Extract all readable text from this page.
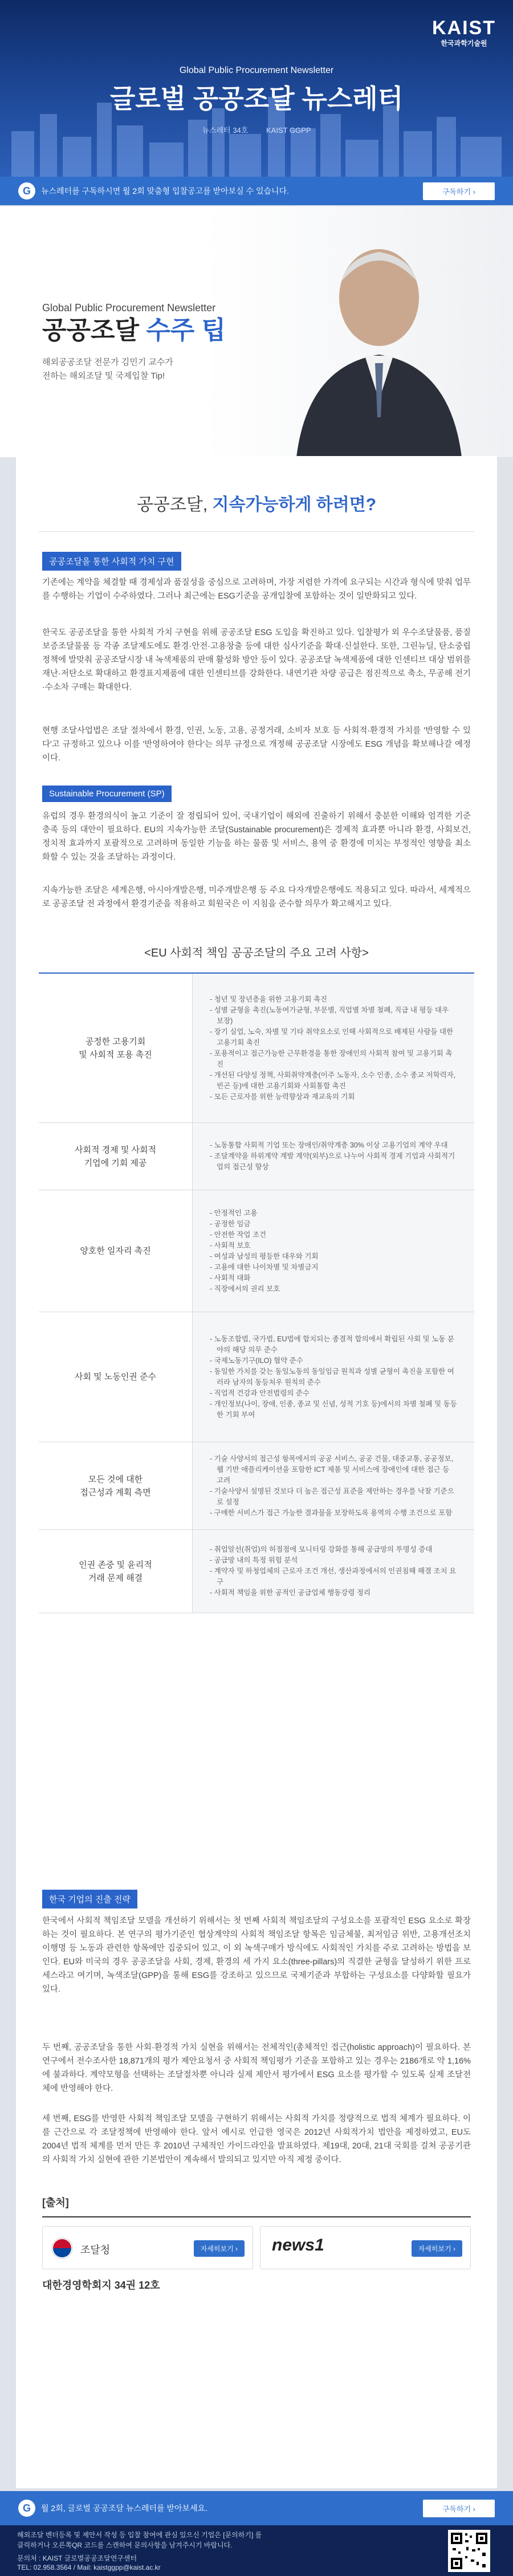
KAIST
한국과학기술원
Global Public Procurement Newsletter
글로벌 공공조달 뉴스레터
뉴스레터 34호 KAIST GGPP
G	뉴스레터를 구독하시면 월 2회 맞춤형 입찰공고를 받아보실 수 있습니다.	구독하기 ›
Global Public Procurement Newsletter
공공조달 수주 팁
해외공공조달 전문가 김민기 교수가
전하는 해외조달 및 국제입찰 Tip!
공공조달, 지속가능하게 하려면?
공공조달을 통한 사회적 가치 구현
기존에는 계약을 체결할 때 경제성과 품질성을 중심으로 고려하며, 가장 저렴한 가격에 요구되는 시간과 형식에 맞춰 업무를 수행하는 기업이 수주하였다. 그러나 최근에는 ESG기준을 공개입찰에 포함하는 것이 일반화되고 있다.
한국도 공공조달을 통한 사회적 가치 구현을 위해 공공조달 ESG 도입을 확진하고 있다. 입찰평가 외 우수조달물품, 품질보증조달물품 등 각종 조달제도에도 환경·안전·고용창출 등에 대한 심사기준을 확대·신설한다. 또한, 그린뉴딜, 탄소중립 정책에 발맞춰 공공조달시장 내 녹색제품의 판매 활성화 방안 등이 있다. 공공조달 녹색제품에 대한 인센티브 대상 범위를 재난·저탄소로 확대하고 환경표지제품에 대한 인센티브를 강화한다. 내연기관 차량 공급은 점진적으로 축소, 무공해 전기·수소차 구매는 확대한다.
현행 조달사업법은 조달 절차에서 환경, 인권, 노동, 고용, 공정거래, 소비자 보호 등 사회적·환경적 가치를 '반영할 수 있다'고 규정하고 있으나 이를 '반영하여야 한다'는 의무 규정으로 개정해 공공조달 시장에도 ESG 개념을 확보해나갈 예정이다.
Sustainable Procurement (SP)
유럽의 경우 환경의식이 높고 기준이 잘 정립되어 있어, 국내기업이 해외에 진출하기 위해서 충분한 이해와 엄격한 기준 충족 등의 대안이 필요하다. EU의 지속가능한 조달(Sustainable procurement)은 경제적 효과뿐 아니라 환경, 사회보건, 정치적 효과까지 포괄적으로 고려하며 동일한 기능을 하는 물품 및 서비스, 용역 중 환경에 미치는 부정적인 영향을 최소화할 수 있는 것을 조달하는 과정이다.
지속가능한 조달은 세계은행, 아시아개발은행, 미주개발은행 등 주요 다자개발은행에도 적용되고 있다. 따라서, 세계적으로 공공조달 전 과정에서 환경기준을 적용하고 회원국은 이 지침을 준수할 의무가 확고해지고 있다.
<EU 사회적 책임 공공조달의 주요 고려 사항>
공정한 고용기회
및 사회적 포용 촉진
- 청년 및 장년층을 위한 고용기회 촉진
- 성별 균형을 촉진(노동여가균형, 부문별, 직업별 차별 철폐, 직급 내 평등 대우 보장)
- 장기 실업, 노숙, 차별 및 기타 취약요소로 인해 사회적으로 배제된 사람들 대한 고용기회 촉진
- 포용적이고 접근가능한 근무환경을 통한 장애인의 사회적 참여 및 고용기회 촉진
- 개선된 다양성 정책, 사회취약계층(이주 노동자, 소수 인종, 소수 종교 저학력자, 빈곤 등)에 대한 고용기회와 사회통합 촉진
- 모든 근로자를 위한 능력향상과 재교육의 기회
사회적 경제 및 사회적
기업에 기회 제공
- 노동통합 사회적 기업 또는 장애인/취약계층 30% 이상 고용기업의 계약 우대
- 조달계약을 하위계약 계발 계약(외부)으로 나누어 사회적 경제 기업과 사회적기업의 접근성 향상
양호한 일자리 촉진
- 안정적인 고용
- 공정한 임금
- 안전한 작업 조건
- 사회적 보호
- 여성과 남성의 평등한 대우와 기회
- 고용에 대한 나이차별 및 차별금지
- 사회적 대화
- 직장에서의 권리 보호
사회 및 노동인권 준수
- 노동조합법, 국가법, EU법에 합치되는 종결적 합의에서 확립된 사회 및 노동 분야의 해당 의무 준수
- 국제노동기구(ILO) 협약 준수
- 동일한 가치를 갖는 동일노동의 동일임금 원칙과 성별 균형이 촉진을 포함한 여러라 남자의 동등처우 원칙의 준수
- 직업적 건강과 안전법령의 준수
- 개인정보(나이, 장애, 인종, 종교 및 신념, 성적 기호 등)에서의 차별 철폐 및 동등한 기회 부여
모든 것에 대한
접근성과 계획 측면
- 기술 사양서의 접근성 항목에서의 공공 서비스, 공공 건물, 대중교통, 공공정보, 웹 기반 애플리케이션을 포함한 ICT 제품 및 서비스에 장애인에 대한 접근 등 고려
- 기술사양서 설명된 것보다 더 높은 접근성 표준을 제안하는 경우를 낙찰 기준으로 설정
- 구매한 서비스가 접근 가능한 결과물을 보장하도록 용역의 수행 조건으로 포함
인권 존중 및 윤리적
거래 문제 해결
- 취업알선(취업)의 허점점에 모니터링 강화를 통해 공급망의 투명성 증대
- 공급망 내의 특정 위험 분석
- 계약자 및 하청업체의 근로자 조건 개선, 생산과정에서의 인권침해 해결 조치 요구
- 사회적 책임을 위한 공적인 공급업체 행동강령 정리
한국 기업의 진출 전략
한국에서 사회적 책임조달 모델을 개선하기 위해서는 첫 번째 사회적 책임조달의 구성요소를 포괄적인 ESG 요소로 확장하는 것이 필요하다. 본 연구의 평가기준인 협상계약의 사회적 책임조달 항목은 임금체불, 최저임금 위반, 고용개선조치 이행명 등 노동과 관련한 항목에만 집중되어 있고, 이 외 녹색구매가 방식에도 사회적인 가치를 주로 고려하는 방법을 보인다. EU와 미국의 경우 공공조달을 사회, 경제, 환경의 세 가지 요소(three-pillars)의 직결한 균형을 달성하기 위한 프로세스라고 여기며, 녹색조달(GPP)을 통해 ESG를 강조하고 있으므로 국제기준과 부합하는 구성요소를 다양화할 필요가 있다.
두 번째, 공공조달을 통한 사회·환경적 가치 실현을 위해서는 전체적인(총체적인 접근(holistic approach)이 필요하다. 본 연구에서 전수조사한 18,871개의 평가 제안요청서 중 사회적 책임평가 기준을 포함하고 있는 경우는 2186개로 약 1,16%에 불과하다. 계약모형을 선택하는 조달절차뿐 아니라 실제 제안서 평가에서 ESG 요소를 평가할 수 있도록 실제 조달전체에 반영해야 한다.
세 번째, ESG를 반영한 사회적 책임조달 모델을 구현하기 위해서는 사회적 가치를 정량적으로 법적 체계가 필요하다. 이를 근간으로 각 조달정책에 반영해야 한다. 앞서 예시로 언급한 영국은 2012년 사회적가치 법안을 제정하였고, EU도 2004년 법적 체계를 먼저 만든 후 2010년 구체적인 가이드라인을 발표하였다. 제19대, 20대, 21대 국회를 걸쳐 공공기관의 사회적 가치 실현에 관한 기본법안이 계속해서 발의되고 있지만 아직 제정 중이다.
[출처]
조달청	자세히보기 ›	news1	자세히보기 ›
대한경영학회지 34권 12호
G	월 2회, 글로벌 공공조달 뉴스레터를 받아보세요.	구독하기 ›
해외조달 벤더등록 및 제안서 작성 등 입찰 참여에 관심 있으신 기업은 [문의하기] 를
클릭하거나 오른쪽QR 코드를 스캔하여 문의사항을 남겨주시기 바랍니다.
문의처 : KAIST 글로벌공공조달연구센터
TEL: 02.958.3564 / Mail: kaistggpp@kaist.ac.kr
